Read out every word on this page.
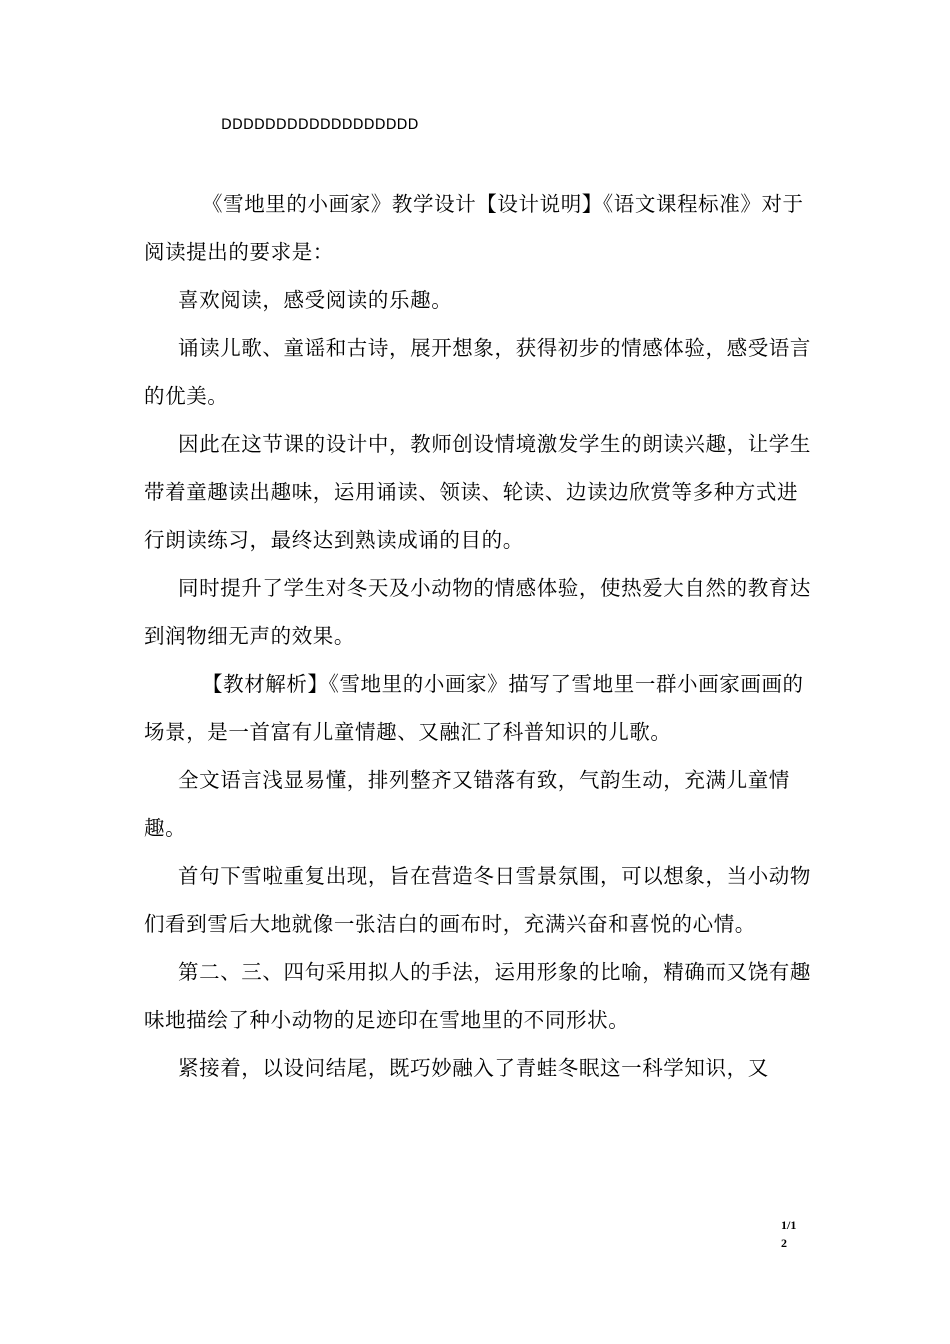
DDDDDDDDDDDDDDDDDD

《雪地里的小画家》教学设计【设计说明】《语文课程标准》对于阅读提出的要求是：

喜欢阅读，感受阅读的乐趣。

诵读儿歌、童谣和古诗，展开想象，获得初步的情感体验，感受语言的优美。

因此在这节课的设计中，教师创设情境激发学生的朗读兴趣，让学生带着童趣读出趣味，运用诵读、领读、轮读、边读边欣赏等多种方式进行朗读练习，最终达到熟读成诵的目的。

同时提升了学生对冬天及小动物的情感体验，使热爱大自然的教育达到润物细无声的效果。

【教材解析】《雪地里的小画家》描写了雪地里一群小画家画画的场景，是一首富有儿童情趣、又融汇了科普知识的儿歌。

全文语言浅显易懂，排列整齐又错落有致，气韵生动，充满儿童情趣。

首句下雪啦重复出现，旨在营造冬日雪景氛围，可以想象，当小动物们看到雪后大地就像一张洁白的画布时，充满兴奋和喜悦的心情。

第二、三、四句采用拟人的手法，运用形象的比喻，精确而又饶有趣味地描绘了种小动物的足迹印在雪地里的不同形状。

紧接着，以设问结尾，既巧妙融入了青蛙冬眠这一科学知识，又

1/12
